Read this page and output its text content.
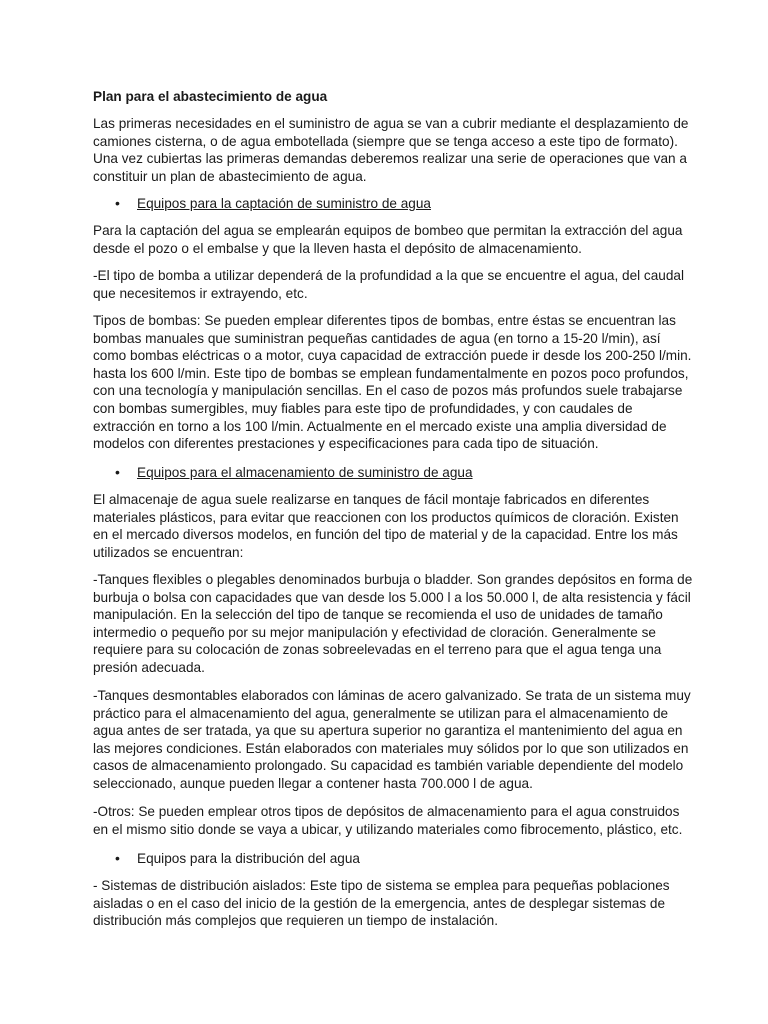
Plan para el abastecimiento de agua

Las primeras necesidades en el suministro de agua se van a cubrir mediante el desplazamiento de camiones cisterna, o de agua embotellada (siempre que se tenga acceso a este tipo de formato). Una vez cubiertas las primeras demandas deberemos realizar una serie de operaciones que van a constituir un plan de abastecimiento de agua.

• Equipos para la captación de suministro de agua

Para la captación del agua se emplearán equipos de bombeo que permitan la extracción del agua desde el pozo o el embalse y que la lleven hasta el depósito de almacenamiento.

-El tipo de bomba a utilizar dependerá de la profundidad a la que se encuentre el agua, del caudal que necesitemos ir extrayendo, etc.

Tipos de bombas: Se pueden emplear diferentes tipos de bombas, entre éstas se encuentran las bombas manuales que suministran pequeñas cantidades de agua (en torno a 15-20 l/min), así como bombas eléctricas o a motor, cuya capacidad de extracción puede ir desde los 200-250 l/min. hasta los 600 l/min. Este tipo de bombas se emplean fundamentalmente en pozos poco profundos, con una tecnología y manipulación sencillas. En el caso de pozos más profundos suele trabajarse con bombas sumergibles, muy fiables para este tipo de profundidades, y con caudales de extracción en torno a los 100 l/min. Actualmente en el mercado existe una amplia diversidad de modelos con diferentes prestaciones y especificaciones para cada tipo de situación.

• Equipos para el almacenamiento de suministro de agua

El almacenaje de agua suele realizarse en tanques de fácil montaje fabricados en diferentes materiales plásticos, para evitar que reaccionen con los productos químicos de cloración. Existen en el mercado diversos modelos, en función del tipo de material y de la capacidad. Entre los más utilizados se encuentran:

-Tanques flexibles o plegables denominados burbuja o bladder. Son grandes depósitos en forma de burbuja o bolsa con capacidades que van desde los 5.000 l a los 50.000 l, de alta resistencia y fácil manipulación. En la selección del tipo de tanque se recomienda el uso de unidades de tamaño intermedio o pequeño por su mejor manipulación y efectividad de cloración. Generalmente se requiere para su colocación de zonas sobreelevadas en el terreno para que el agua tenga una presión adecuada.

-Tanques desmontables elaborados con láminas de acero galvanizado. Se trata de un sistema muy práctico para el almacenamiento del agua, generalmente se utilizan para el almacenamiento de agua antes de ser tratada, ya que su apertura superior no garantiza el mantenimiento del agua en las mejores condiciones. Están elaborados con materiales muy sólidos por lo que son utilizados en casos de almacenamiento prolongado. Su capacidad es también variable dependiente del modelo seleccionado, aunque pueden llegar a contener hasta 700.000 l de agua.

-Otros: Se pueden emplear otros tipos de depósitos de almacenamiento para el agua construidos en el mismo sitio donde se vaya a ubicar, y utilizando materiales como fibrocemento, plástico, etc.

• Equipos para la distribución del agua

- Sistemas de distribución aislados: Este tipo de sistema se emplea para pequeñas poblaciones aisladas o en el caso del inicio de la gestión de la emergencia, antes de desplegar sistemas de distribución más complejos que requieren un tiempo de instalación.
